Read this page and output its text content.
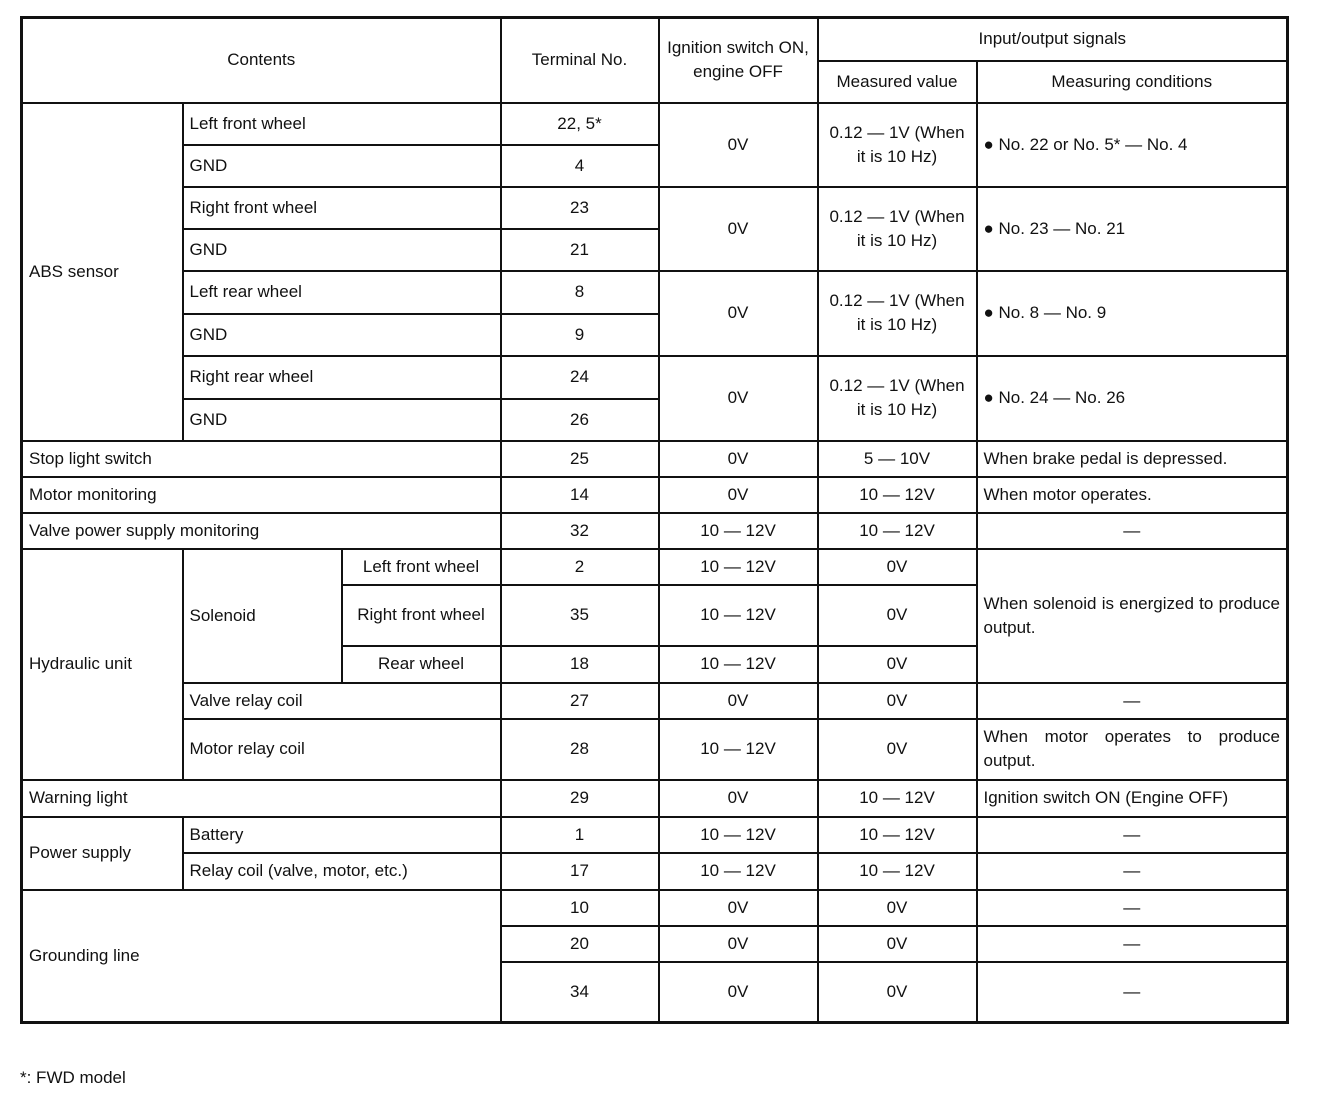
Contents			Terminal No.	Ignition switch ON, engine OFF	Input/output signals	
					Measured value	Measuring conditions
ABS sensor	Left front wheel		22, 5*	0V	0.12 — 1V (When it is 10 Hz)	● No. 22 or No. 5* — No. 4
	GND		4			
	Right front wheel		23	0V	0.12 — 1V (When it is 10 Hz)	● No. 23 — No. 21
	GND		21			
	Left rear wheel		8	0V	0.12 — 1V (When it is 10 Hz)	● No. 8 — No. 9
	GND		9			
	Right rear wheel		24	0V	0.12 — 1V (When it is 10 Hz)	● No. 24 — No. 26
	GND		26			
Stop light switch			25	0V	5 — 10V	When brake pedal is depressed.
Motor monitoring			14	0V	10 — 12V	When motor operates.
Valve power supply monitoring			32	10 — 12V	10 — 12V	—
Hydraulic unit	Solenoid	Left front wheel	2	10 — 12V	0V	When solenoid is energized to produce output.
		Right front wheel	35	10 — 12V	0V	
		Rear wheel	18	10 — 12V	0V	
	Valve relay coil		27	0V	0V	—
	Motor relay coil		28	10 — 12V	0V	When motor operates to produce output.
Warning light			29	0V	10 — 12V	Ignition switch ON (Engine OFF)
Power supply	Battery		1	10 — 12V	10 — 12V	—
	Relay coil (valve, motor, etc.)		17	10 — 12V	10 — 12V	—
Grounding line			10	0V	0V	—
			20	0V	0V	—
			34	0V	0V	—
*: FWD model
